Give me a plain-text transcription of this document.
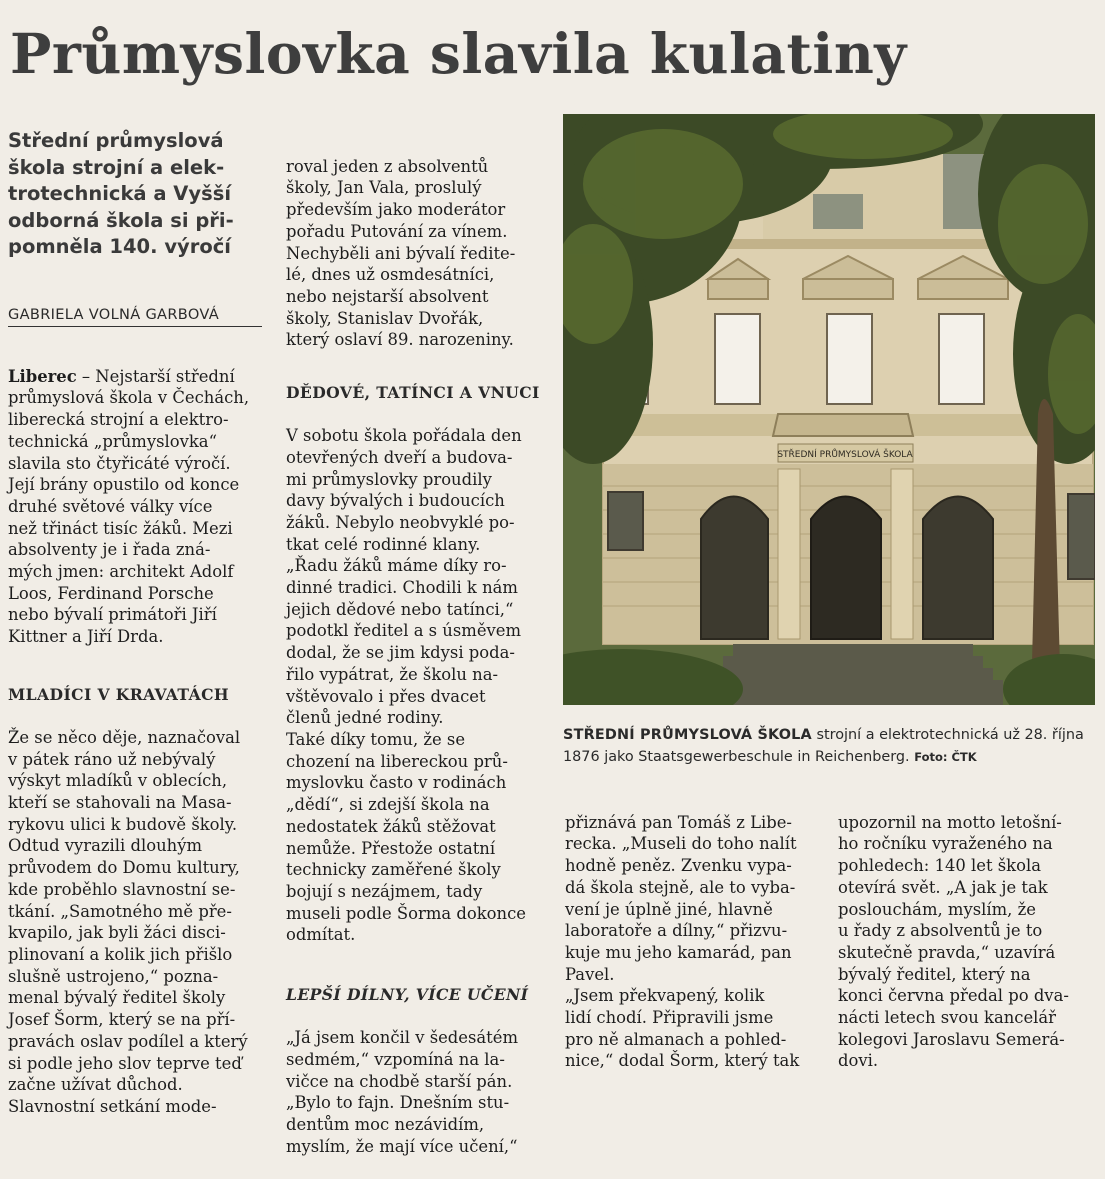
Průmyslovka slavila kulatiny
Střední průmyslová
škola strojní a elek-
trotechnická a Vyšší
odborná škola si při-
pomněla 140. výročí
GABRIELA VOLNÁ GARBOVÁ

Liberec – Nejstarší střední
průmyslová škola v Čechách,
liberecká strojní a elektro-
technická „průmyslovka“
slavila sto čtyřicáté výročí.
Její brány opustilo od konce
druhé světové války více
než třináct tisíc žáků. Mezi
absolventy je i řada zná-
mých jmen: architekt Adolf
Loos, Ferdinand Porsche
nebo bývalí primátoři Jiří
Kittner a Jiří Drda.

MLADÍCI V KRAVATÁCH

Že se něco děje, naznačoval
v pátek ráno už nebývalý
výskyt mladíků v oblecích,
kteří se stahovali na Masa-
rykovu ulici k budově školy.
Odtud vyrazili dlouhým
průvodem do Domu kultury,
kde proběhlo slavnostní se-
tkání. „Samotného mě pře-
kvapilo, jak byli žáci disci-
plinovaní a kolik jich přišlo
slušně ustrojeno,“ pozna-
menal bývalý ředitel školy
Josef Šorm, který se na pří-
pravách oslav podílel a který
si podle jeho slov teprve teď
začne užívat důchod.
Slavnostní setkání mode-

roval jeden z absolventů
školy, Jan Vala, proslulý
především jako moderátor
pořadu Putování za vínem.
Nechyběli ani bývalí ředite-
lé, dnes už osmdesátníci,
nebo nejstarší absolvent
školy, Stanislav Dvořák,
který oslaví 89. narozeniny.

DĚDOVÉ, TATÍNCI A VNUCI

V sobotu škola pořádala den
otevřených dveří a budova-
mi průmyslovky proudily
davy bývalých i budoucích
žáků. Nebylo neobvyklé po-
tkat celé rodinné klany.
„Řadu žáků máme díky ro-
dinné tradici. Chodili k nám
jejich dědové nebo tatínci,“
podotkl ředitel a s úsměvem
dodal, že se jim kdysi poda-
řilo vypátrat, že školu na-
vštěvovalo i přes dvacet
členů jedné rodiny.
Také díky tomu, že se
chození na libereckou prů-
myslovku často v rodinách
„dědí“, si zdejší škola na
nedostatek žáků stěžovat
nemůže. Přestože ostatní
technicky zaměřené školy
bojují s nezájmem, tady
museli podle Šorma dokonce
odmítat.

LEPŠÍ DÍLNY, VÍCE UČENÍ

„Já jsem končil v šedesátém
sedmém,“ vzpomíná na la-
vičce na chodbě starší pán.
„Bylo to fajn. Dnešním stu-
dentům moc nezávidím,
myslím, že mají více učení,“

STŘEDNÍ PRŮMYSLOVÁ ŠKOLA
STŘEDNÍ PRŮMYSLOVÁ ŠKOLA strojní a elektrotechnická už 28. října 1876 jako Staatsgewerbeschule in Reichenberg. Foto: ČTK

přiznává pan Tomáš z Libe-
recka. „Museli do toho nalít
hodně peněz. Zvenku vypa-
dá škola stejně, ale to vyba-
vení je úplně jiné, hlavně
laboratoře a dílny,“ přizvu-
kuje mu jeho kamarád, pan
Pavel.
„Jsem překvapený, kolik
lidí chodí. Připravili jsme
pro ně almanach a pohled-
nice,“ dodal Šorm, který tak

upozornil na motto letošní-
ho ročníku vyraženého na
pohledech: 140 let škola
otevírá svět. „A jak je tak
poslouchám, myslím, že
u řady z absolventů je to
skutečně pravda,“ uzavírá
bývalý ředitel, který na
konci června předal po dva-
nácti letech svou kancelář
kolegovi Jaroslavu Semerá-
dovi.
